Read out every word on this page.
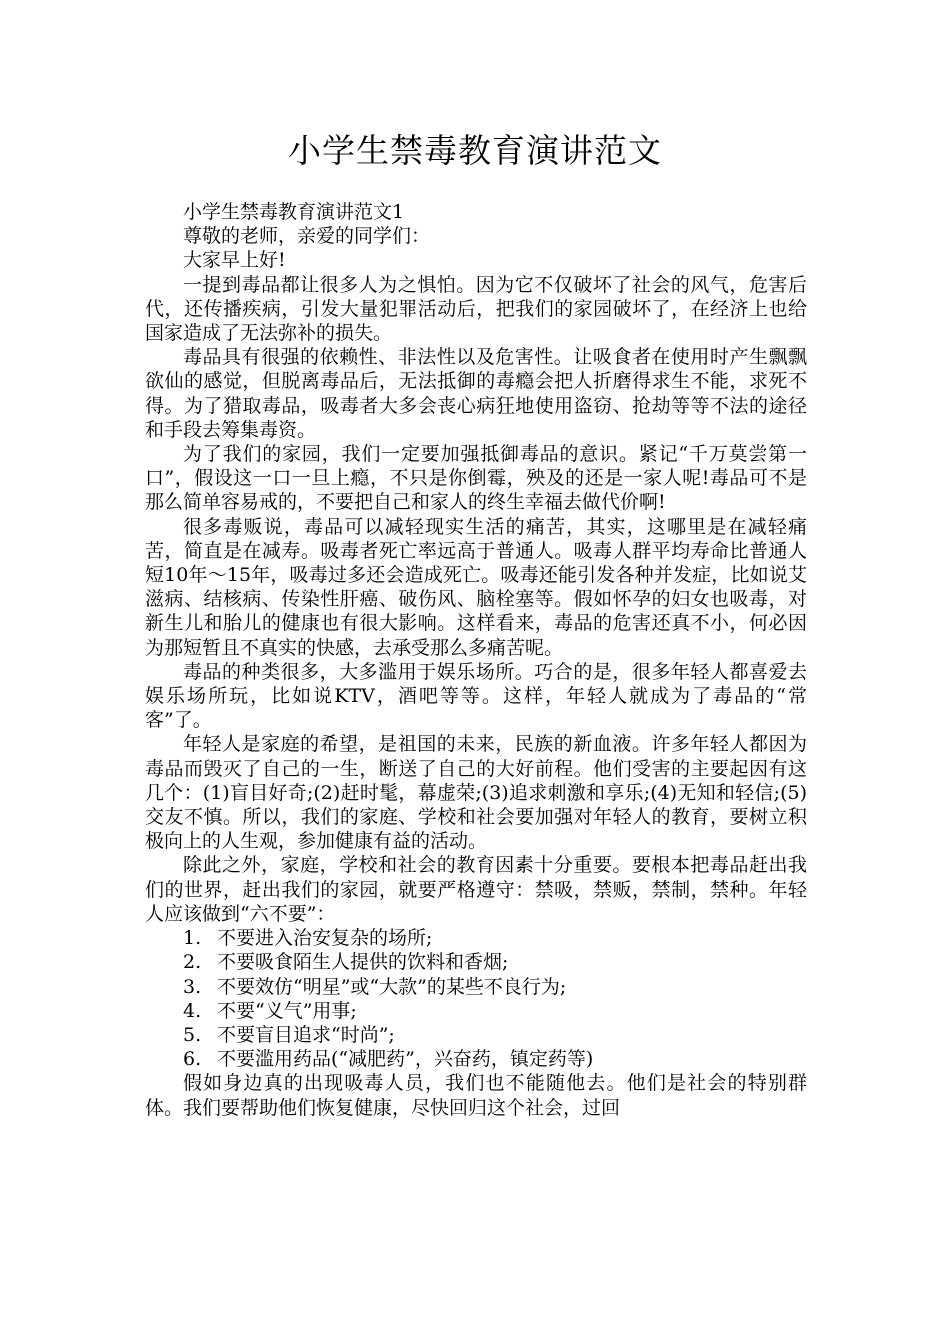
小学生禁毒教育演讲范文

小学生禁毒教育演讲范文1

尊敬的老师，亲爱的同学们：

大家早上好!

一提到毒品都让很多人为之惧怕。因为它不仅破坏了社会的风气，危害后代，还传播疾病，引发大量犯罪活动后，把我们的家园破坏了，在经济上也给国家造成了无法弥补的损失。

毒品具有很强的依赖性、非法性以及危害性。让吸食者在使用时产生飘飘欲仙的感觉，但脱离毒品后，无法抵御的毒瘾会把人折磨得求生不能，求死不得。为了猎取毒品，吸毒者大多会丧心病狂地使用盗窃、抢劫等等不法的途径和手段去筹集毒资。

为了我们的家园，我们一定要加强抵御毒品的意识。紧记“千万莫尝第一口”，假设这一口一旦上瘾，不只是你倒霉，殃及的还是一家人呢!毒品可不是那么简单容易戒的，不要把自己和家人的终生幸福去做代价啊!

很多毒贩说，毒品可以减轻现实生活的痛苦，其实，这哪里是在减轻痛苦，简直是在减寿。吸毒者死亡率远高于普通人。吸毒人群平均寿命比普通人短10年～15年，吸毒过多还会造成死亡。吸毒还能引发各种并发症，比如说艾滋病、结核病、传染性肝癌、破伤风、脑栓塞等。假如怀孕的妇女也吸毒，对新生儿和胎儿的健康也有很大影响。这样看来，毒品的危害还真不小，何必因为那短暂且不真实的快感，去承受那么多痛苦呢。

毒品的种类很多，大多滥用于娱乐场所。巧合的是，很多年轻人都喜爱去娱乐场所玩，比如说KTV，酒吧等等。这样，年轻人就成为了毒品的“常客”了。

年轻人是家庭的希望，是祖国的未来，民族的新血液。许多年轻人都因为毒品而毁灭了自己的一生，断送了自己的大好前程。他们受害的主要起因有这几个：(1)盲目好奇;(2)赶时髦，幕虚荣;(3)追求刺激和享乐;(4)无知和轻信;(5)交友不慎。所以，我们的家庭、学校和社会要加强对年轻人的教育，要树立积极向上的人生观，参加健康有益的活动。

除此之外，家庭，学校和社会的教育因素十分重要。要根本把毒品赶出我们的世界，赶出我们的家园，就要严格遵守：禁吸，禁贩，禁制，禁种。年轻人应该做到“六不要”：

1. 不要进入治安复杂的场所;

2. 不要吸食陌生人提供的饮料和香烟;

3. 不要效仿“明星”或“大款”的某些不良行为;

4. 不要“义气”用事;

5. 不要盲目追求“时尚”;

6. 不要滥用药品(“减肥药”，兴奋药，镇定药等)

假如身边真的出现吸毒人员，我们也不能随他去。他们是社会的特别群体。我们要帮助他们恢复健康，尽快回归这个社会，过回
